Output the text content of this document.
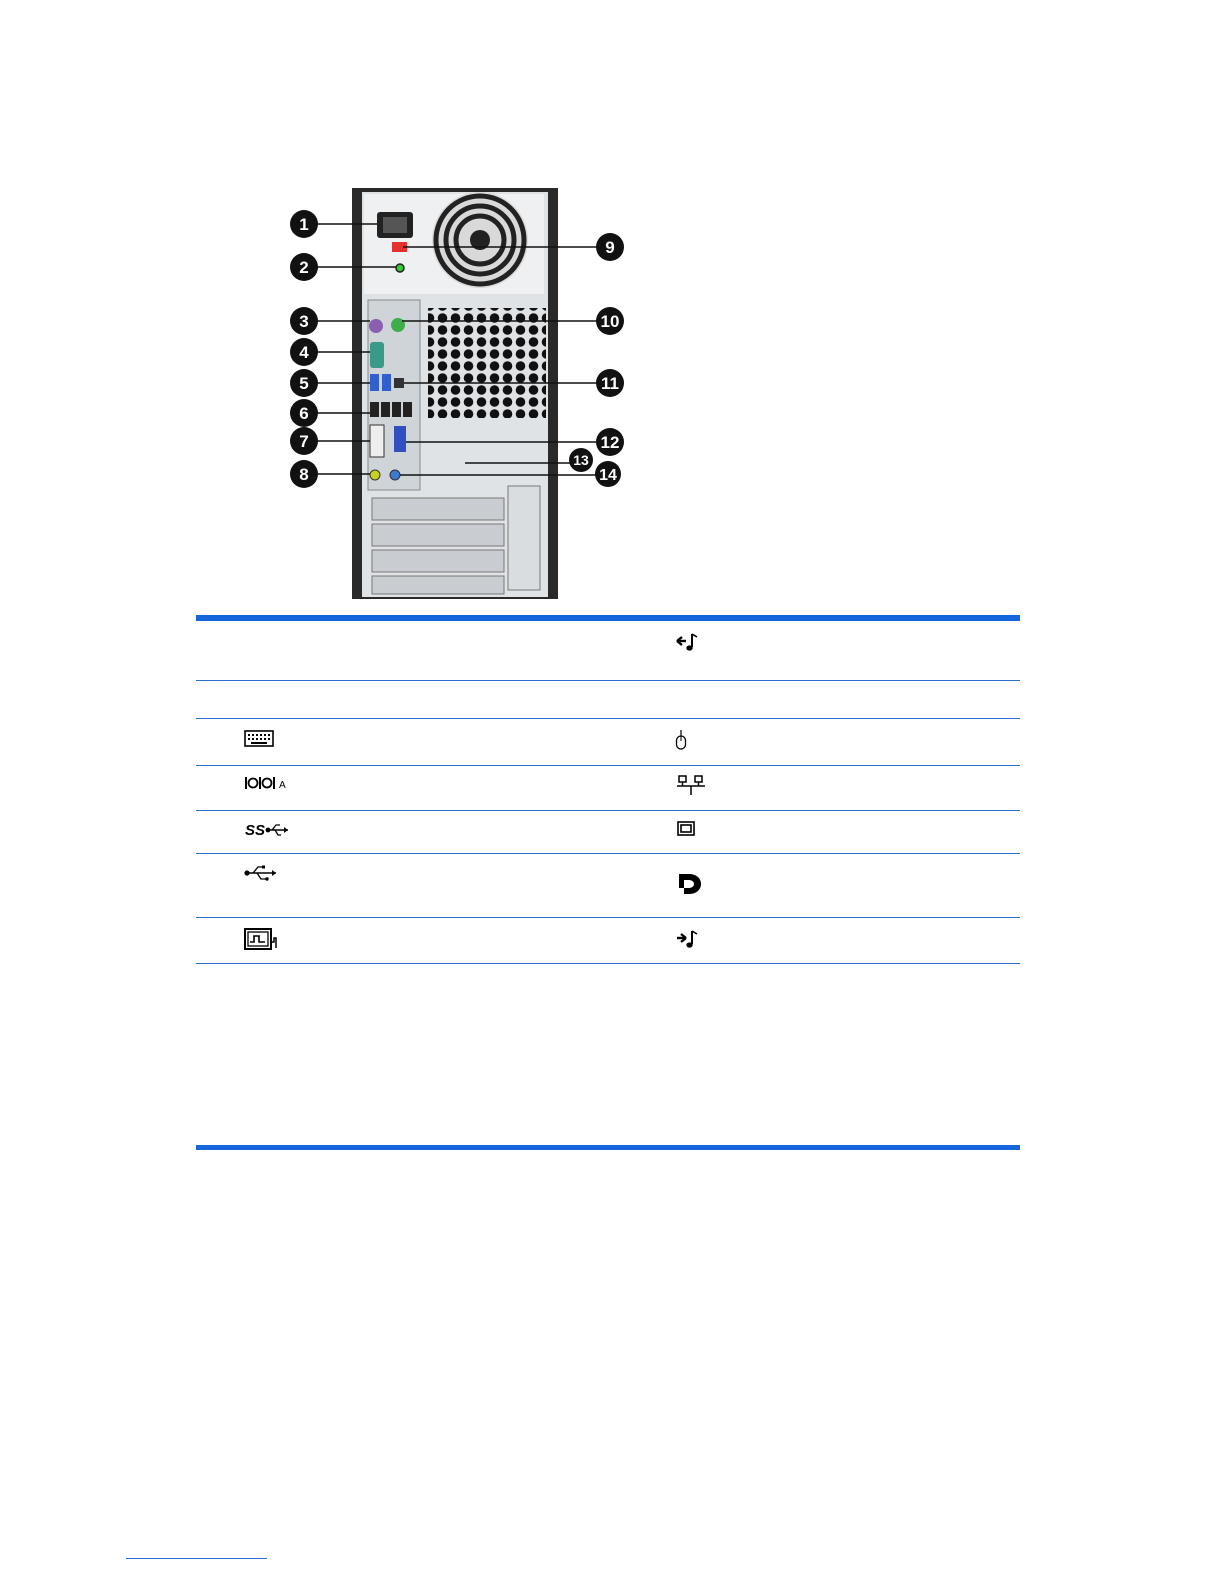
1
2
3
4
5
6
7
8
9
10
11
12
13
14
A
SS
